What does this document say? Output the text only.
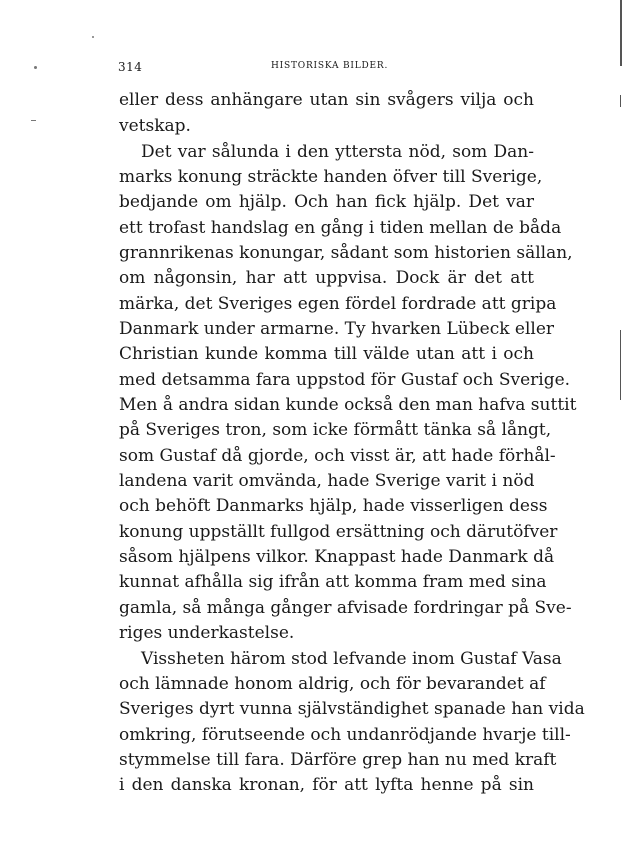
314	HISTORISKA BILDER.
eller dess anhängare utan sin svågers vilja och
vetskap.
Det var sålunda i den yttersta nöd, som Dan-
marks konung sträckte handen öfver till Sverige,
bedjande om hjälp. Och han fick hjälp. Det var
ett trofast handslag en gång i tiden mellan de båda
grannrikenas konungar, sådant som historien sällan,
om någonsin, har att uppvisa. Dock är det att
märka, det Sveriges egen fördel fordrade att gripa
Danmark under armarne. Ty hvarken Lübeck eller
Christian kunde komma till välde utan att i och
med detsamma fara uppstod för Gustaf och Sverige.
Men å andra sidan kunde också den man hafva suttit
på Sveriges tron, som icke förmått tänka så långt,
som Gustaf då gjorde, och visst är, att hade förhål-
landena varit omvända, hade Sverige varit i nöd
och behöft Danmarks hjälp, hade visserligen dess
konung uppställt fullgod ersättning och därutöfver
såsom hjälpens vilkor. Knappast hade Danmark då
kunnat afhålla sig ifrån att komma fram med sina
gamla, så många gånger afvisade fordringar på Sve-
riges underkastelse.
Vissheten härom stod lefvande inom Gustaf Vasa
och lämnade honom aldrig, och för bevarandet af
Sveriges dyrt vunna självständighet spanade han vida
omkring, förutseende och undanrödjande hvarje till-
stymmelse till fara. Därföre grep han nu med kraft
i den danska kronan, för att lyfta henne på sin
